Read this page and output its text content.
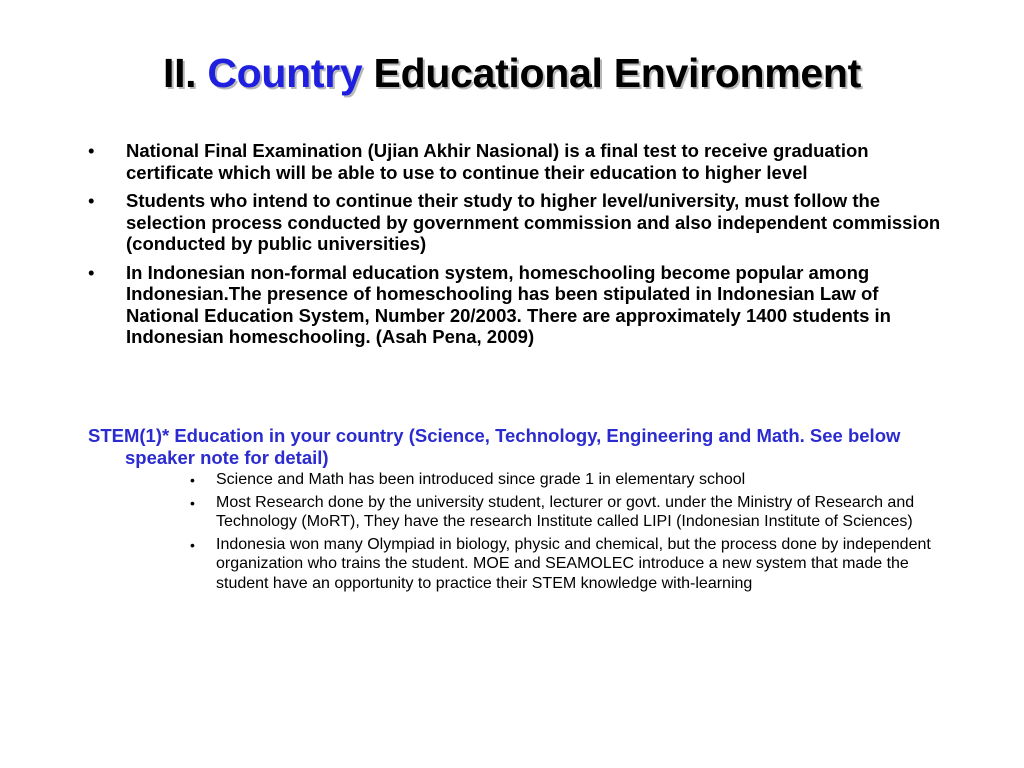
II. Country Educational Environment
• National Final Examination (Ujian Akhir Nasional) is a final test to receive graduation certificate which will be able to use to continue their education to higher level
• Students who intend to continue their study to higher level/university, must follow the selection process conducted by government commission and also independent commission (conducted by public universities)
• In Indonesian non-formal education system, homeschooling become popular among Indonesian.The presence of homeschooling has been stipulated in Indonesian Law of National Education System, Number 20/2003. There are approximately 1400 students in Indonesian homeschooling. (Asah Pena, 2009)
STEM(1)* Education in your country (Science, Technology, Engineering and Math. See below speaker note for detail)
• Science and Math has been introduced since grade 1 in elementary school
• Most Research done by the university student, lecturer or govt. under the Ministry of Research and Technology (MoRT), They have the research Institute called LIPI (Indonesian Institute of Sciences)
• Indonesia won many Olympiad in biology, physic and chemical, but the process done by independent organization who trains the student. MOE and SEAMOLEC introduce a new system that made the student have an opportunity to practice their STEM knowledge with-learning
